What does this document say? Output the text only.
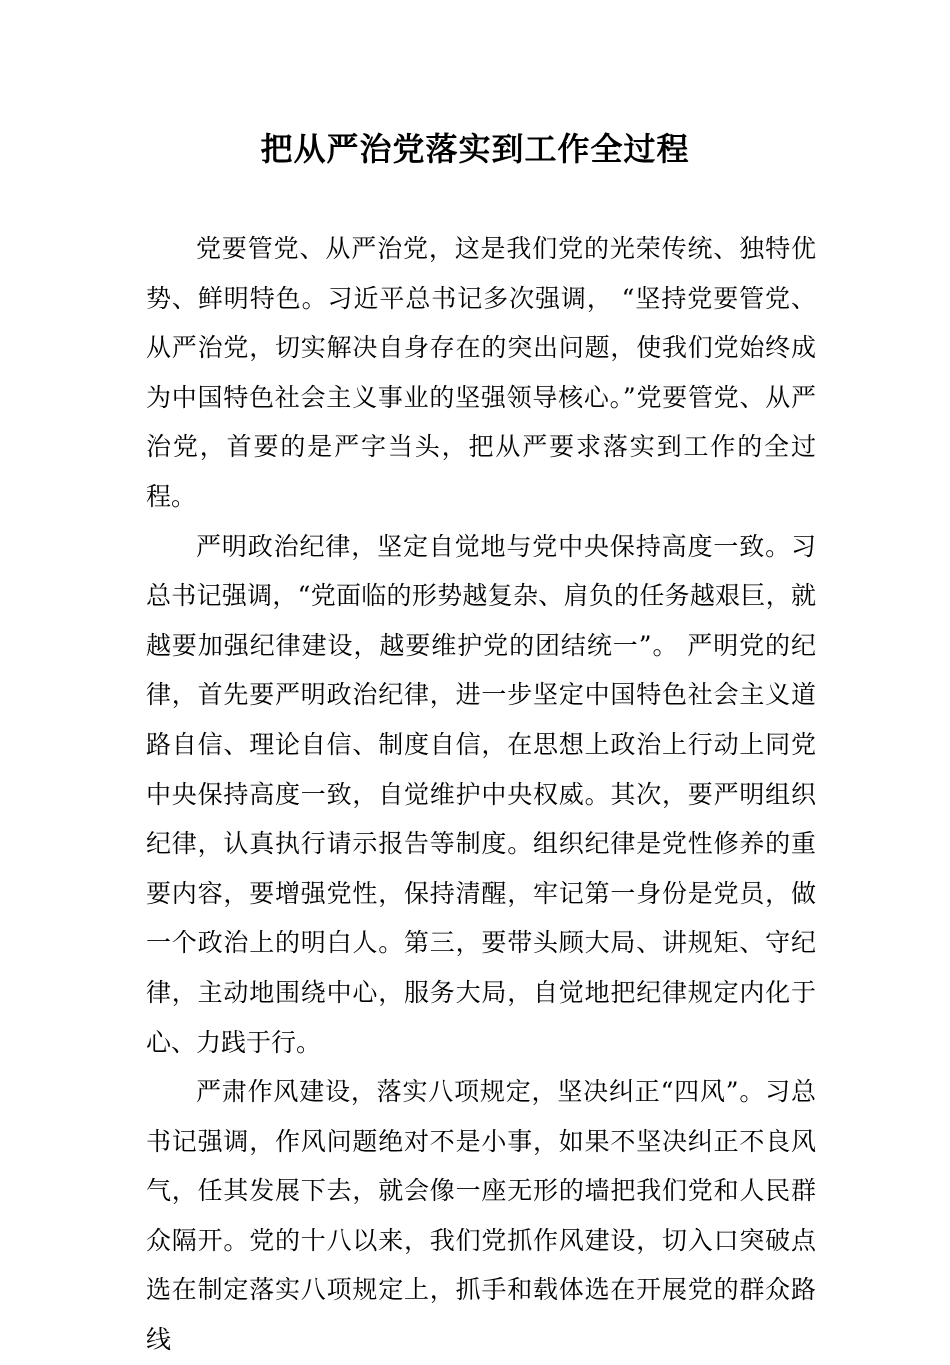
把从严治党落实到工作全过程

党要管党、从严治党，这是我们党的光荣传统、独特优势、鲜明特色。习近平总书记多次强调， “坚持党要管党、从严治党，切实解决自身存在的突出问题，使我们党始终成为中国特色社会主义事业的坚强领导核心。”党要管党、从严治党，首要的是严字当头，把从严要求落实到工作的全过程。

严明政治纪律，坚定自觉地与党中央保持高度一致。习总书记强调，“党面临的形势越复杂、肩负的任务越艰巨，就越要加强纪律建设，越要维护党的团结统一”。 严明党的纪律，首先要严明政治纪律，进一步坚定中国特色社会主义道路自信、理论自信、制度自信，在思想上政治上行动上同党中央保持高度一致，自觉维护中央权威。其次，要严明组织纪律，认真执行请示报告等制度。组织纪律是党性修养的重要内容，要增强党性，保持清醒，牢记第一身份是党员，做一个政治上的明白人。第三，要带头顾大局、讲规矩、守纪律，主动地围绕中心，服务大局，自觉地把纪律规定内化于心、力践于行。

严肃作风建设，落实八项规定，坚决纠正“四风”。习总书记强调，作风问题绝对不是小事，如果不坚决纠正不良风气，任其发展下去，就会像一座无形的墙把我们党和人民群众隔开。党的十八以来，我们党抓作风建设，切入口突破点选在制定落实八项规定上，抓手和载体选在开展党的群众路线
